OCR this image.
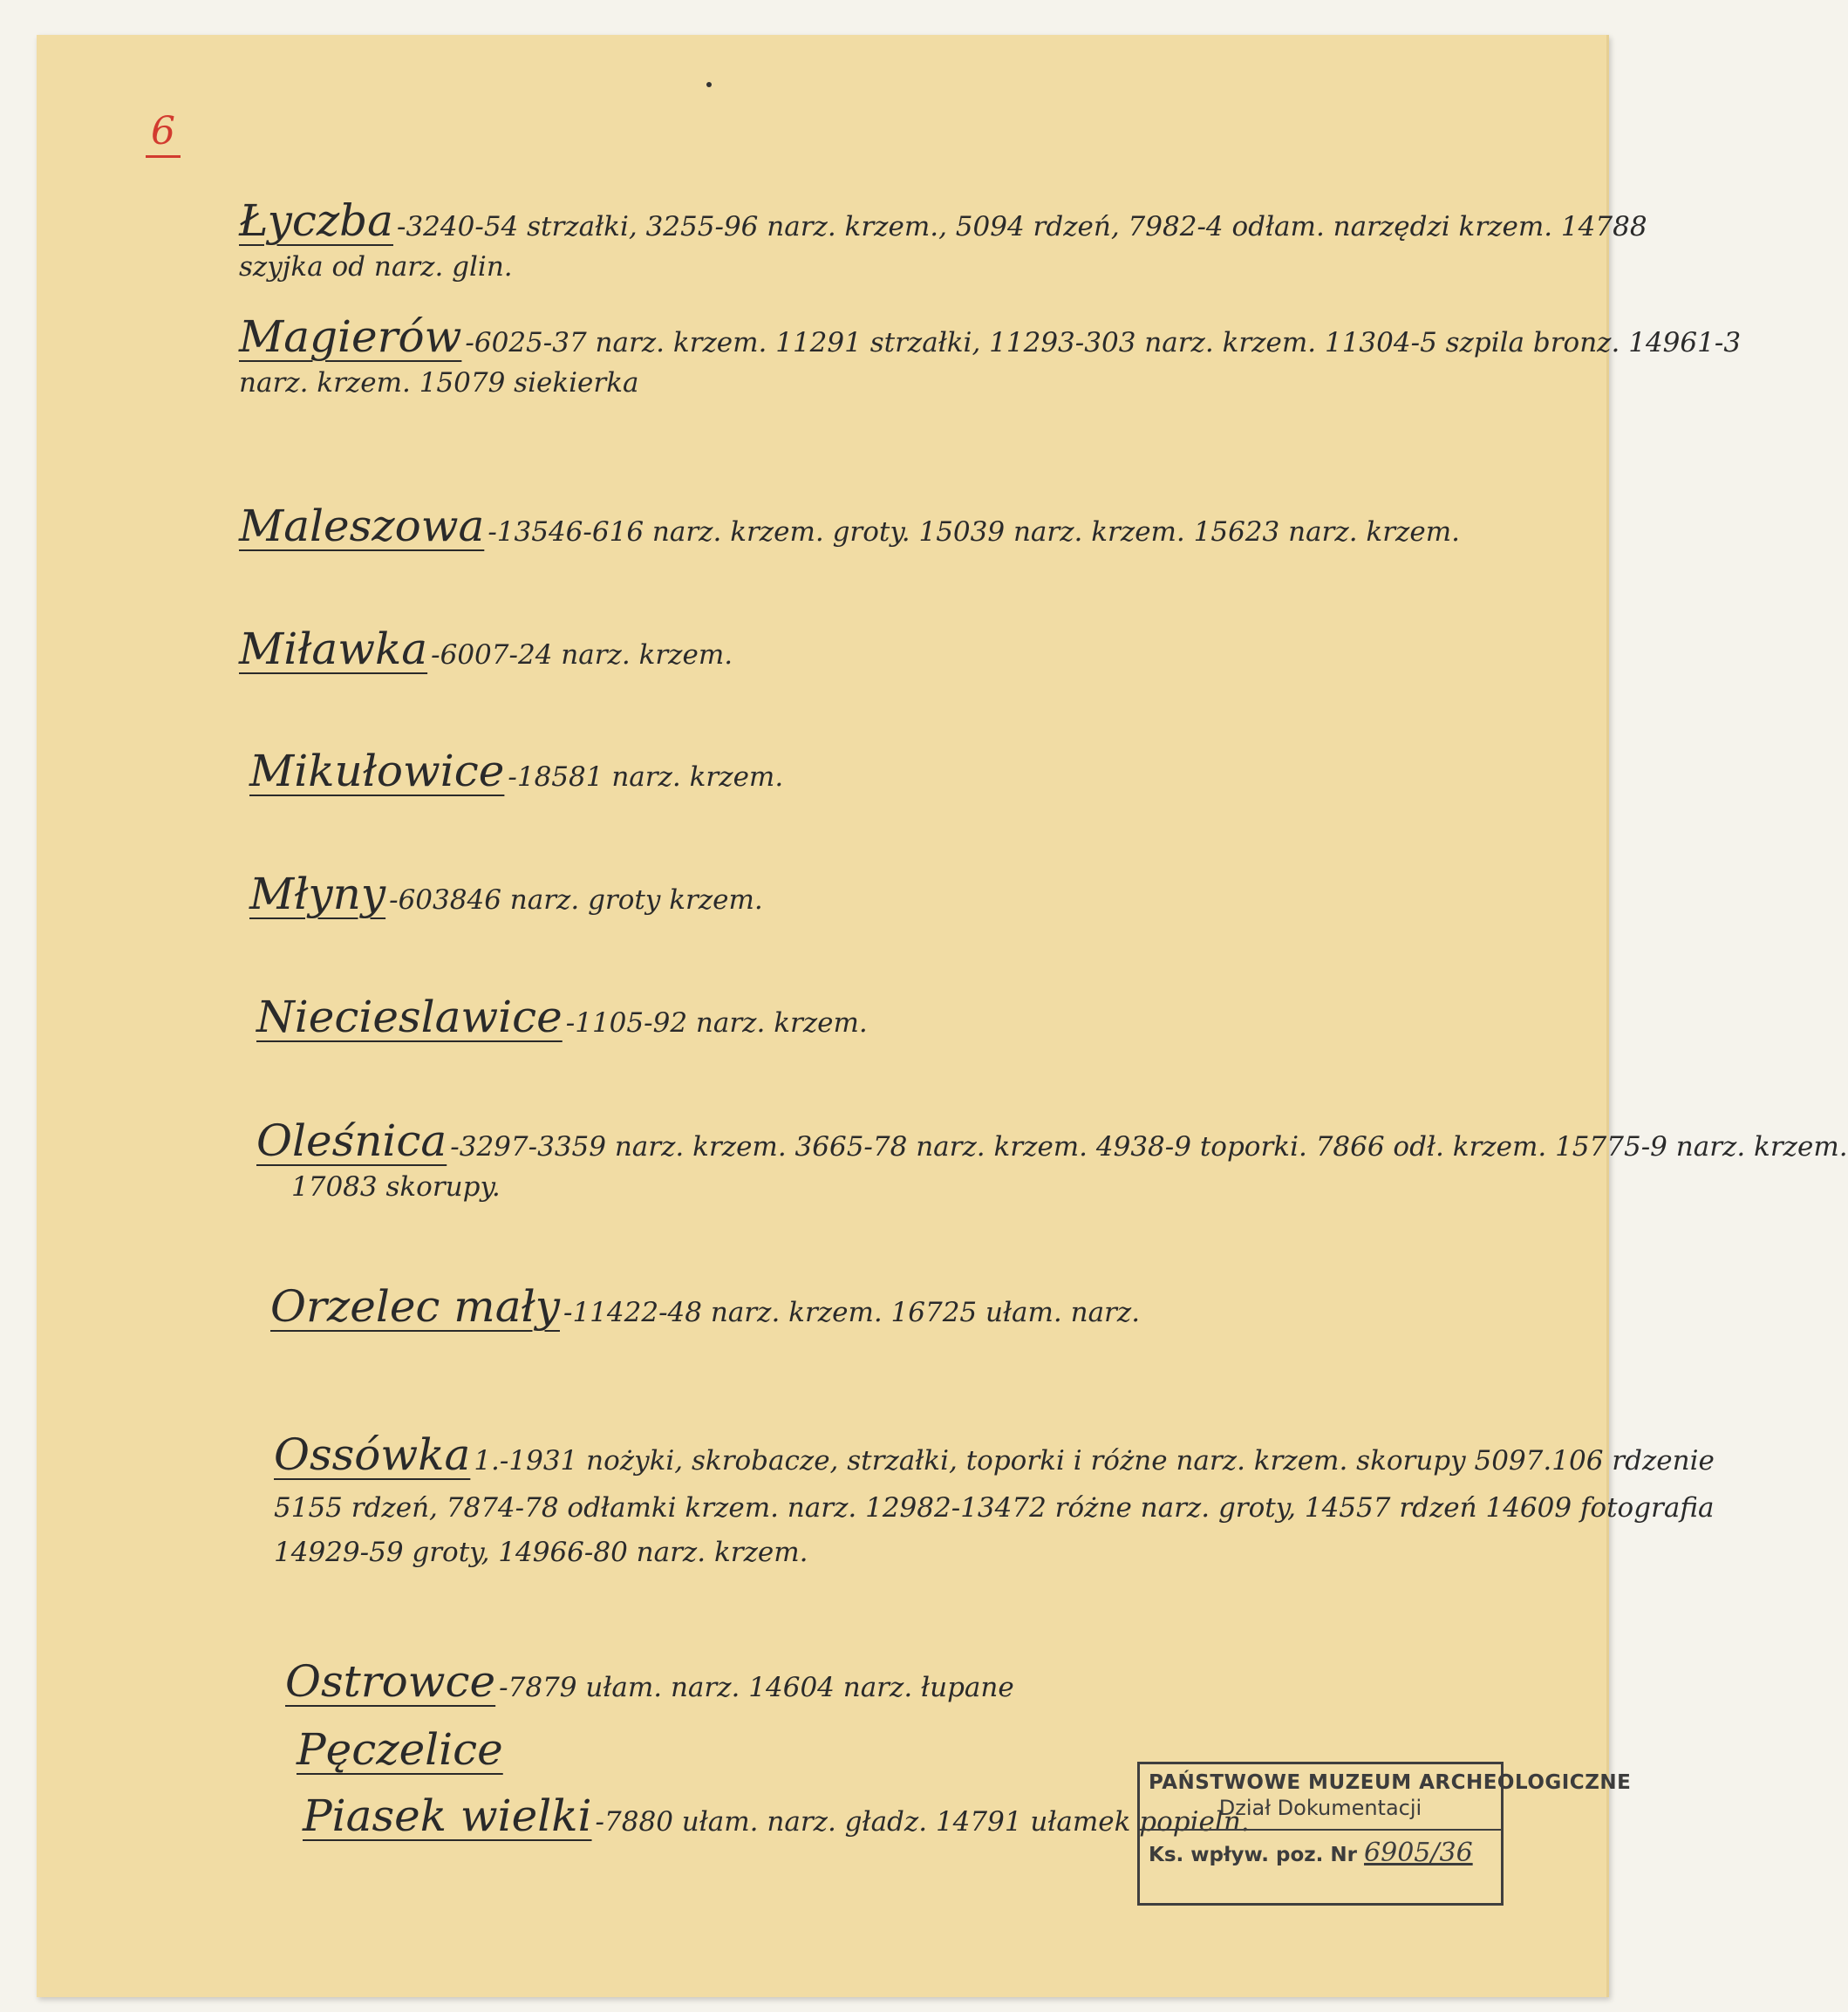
6
Łyczba -3240-54 strzałki, 3255-96 narz. krzem., 5094 rdzeń, 7982-4 odłam. narzędzi krzem. 14788
szyjka od narz. glin.
Magierów -6025-37 narz. krzem. 11291 strzałki, 11293-303 narz. krzem. 11304-5 szpila bronz. 14961-3
narz. krzem. 15079 siekierka
Maleszowa -13546-616 narz. krzem. groty. 15039 narz. krzem. 15623 narz. krzem.
Miławka -6007-24 narz. krzem.
Mikułowice -18581 narz. krzem.
Młyny -603846 narz. groty krzem.
Niecieslawice -1105-92 narz. krzem.
Oleśnica -3297-3359 narz. krzem. 3665-78 narz. krzem. 4938-9 toporki. 7866 odł. krzem. 15775-9 narz. krzem.
17083 skorupy.
Orzelec mały -11422-48 narz. krzem. 16725 ułam. narz.
Ossówka 1.-1931 nożyki, skrobacze, strzałki, toporki i różne narz. krzem. skorupy 5097.106 rdzenie
5155 rdzeń, 7874-78 odłamki krzem. narz. 12982-13472 różne narz. groty, 14557 rdzeń 14609 fotografia
14929-59 groty, 14966-80 narz. krzem.
Ostrowce -7879 ułam. narz. 14604 narz. łupane
Pęczelice
Piasek wielki -7880 ułam. narz. gładz. 14791 ułamek popieln.
PAŃSTWOWE MUZEUM ARCHEOLOGICZNE
Dział Dokumentacji
Ks. wpływ. poz. Nr 6905/36
